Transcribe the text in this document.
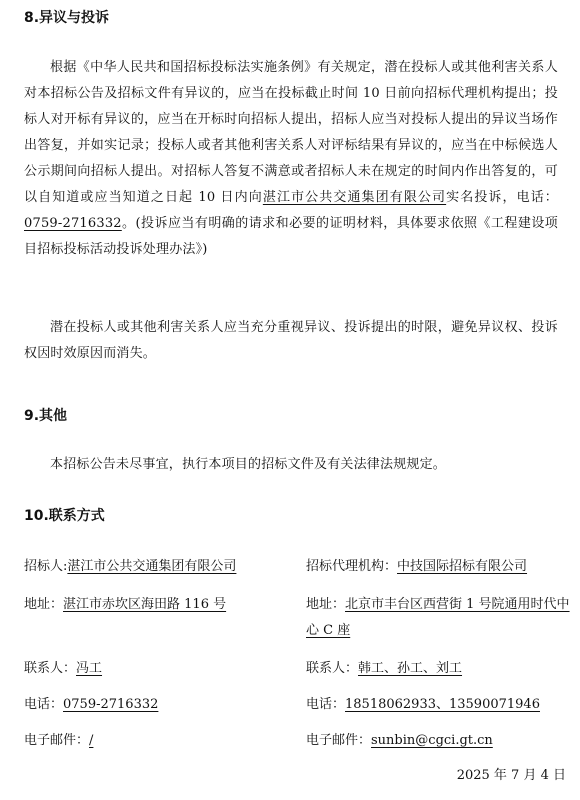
8.异议与投诉

根据《中华人民共和国招标投标法实施条例》有关规定，潜在投标人或其他利害关系人对本招标公告及招标文件有异议的，应当在投标截止时间 10 日前向招标代理机构提出；投标人对开标有异议的，应当在开标时向招标人提出，招标人应当对投标人提出的异议当场作出答复，并如实记录；投标人或者其他利害关系人对评标结果有异议的，应当在中标候选人公示期间向招标人提出。对招标人答复不满意或者招标人未在规定的时间内作出答复的，可以自知道或应当知道之日起 10 日内向湛江市公共交通集团有限公司实名投诉，电话：0759-2716332。(投诉应当有明确的请求和必要的证明材料，具体要求依照《工程建设项目招标投标活动投诉处理办法》)

潜在投标人或其他利害关系人应当充分重视异议、投诉提出的时限，避免异议权、投诉权因时效原因而消失。

9.其他

本招标公告未尽事宜，执行本项目的招标文件及有关法律法规规定。

10.联系方式
招标人:湛江市公共交通集团有限公司	招标代理机构：中技国际招标有限公司
地址：湛江市赤坎区海田路 116 号	地址：北京市丰台区西营街 1 号院通用时代中心 C 座
联系人：冯工	联系人：韩工、孙工、刘工
电话：0759-2716332	电话：18518062933、13590071946
电子邮件：/	电子邮件：sunbin@cgci.gt.cn
2025 年 7 月 4 日
